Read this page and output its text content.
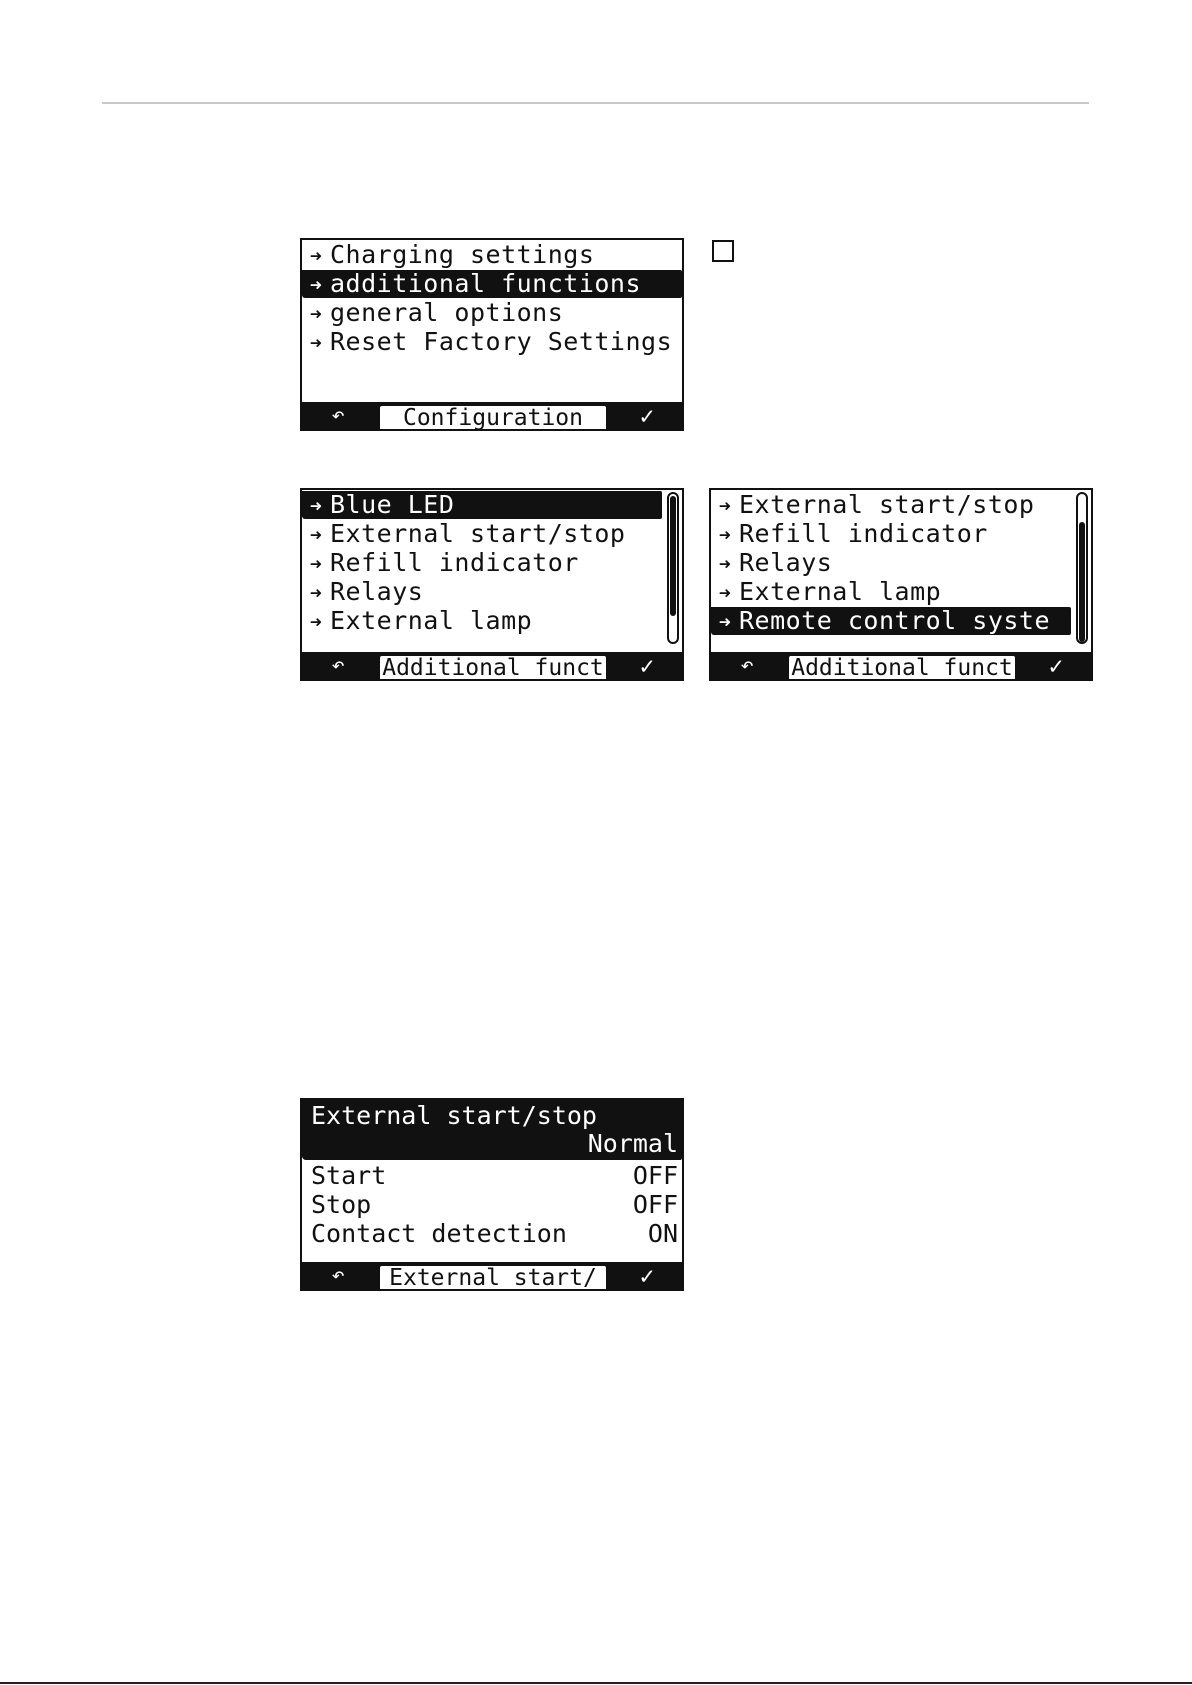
➜ Charging settings
➜ additional functions
➜ general options
➜ Reset Factory Settings
↶	Configuration	✓
➜ Blue LED
➜ External start/stop
➜ Refill indicator
➜ Relays
➜ External lamp
↶ Additional funct ✓
➜ External start/stop
➜ Refill indicator
➜ Relays
➜ External lamp
➜ Remote control syste
↶ Additional funct ✓
External start/stop
Normal
Start	OFF
Stop	OFF
Contact detection	ON
↶	External start/	✓
